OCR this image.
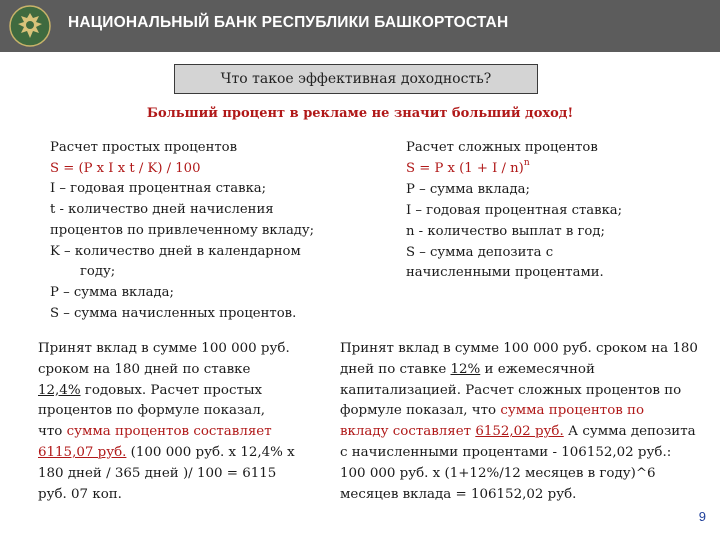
НАЦИОНАЛЬНЫЙ БАНК РЕСПУБЛИКИ БАШКОРТОСТАН
Что такое эффективная доходность?
Больший процент в рекламе не значит больший доход!
Расчет простых процентов
S = (P x I x t / K) / 100
I – годовая процентная ставка;
t - количество дней начисления
процентов по привлеченному вкладу;
K – количество дней в календарном
году;
P – сумма вклада;
S – сумма начисленных процентов.
Расчет сложных процентов
S = P x $(1 + I / n)^n$
P – сумма вклада;
I – годовая процентная ставка;
n - количество выплат в год;
S – сумма депозита с
начисленными процентами.
Принят вклад в сумме 100 000 руб.
сроком на 180 дней по ставке
12,4% годовых. Расчет простых
процентов по формуле показал,
что сумма процентов составляет
6115,07 руб. (100 000 руб. х 12,4% х
180 дней / 365 дней )/ 100 = 6115
руб. 07 коп.
Принят вклад в сумме 100 000 руб. сроком на 180
дней по ставке 12% и ежемесячной
капитализацией. Расчет сложных процентов по
формуле показал, что сумма процентов по
вкладу составляет 6152,02 руб. А сумма депозита
с начисленными процентами - 106152,02 руб.:
100 000 руб. х (1+12%/12 месяцев в году)^6
месяцев вклада = 106152,02 руб.
9
